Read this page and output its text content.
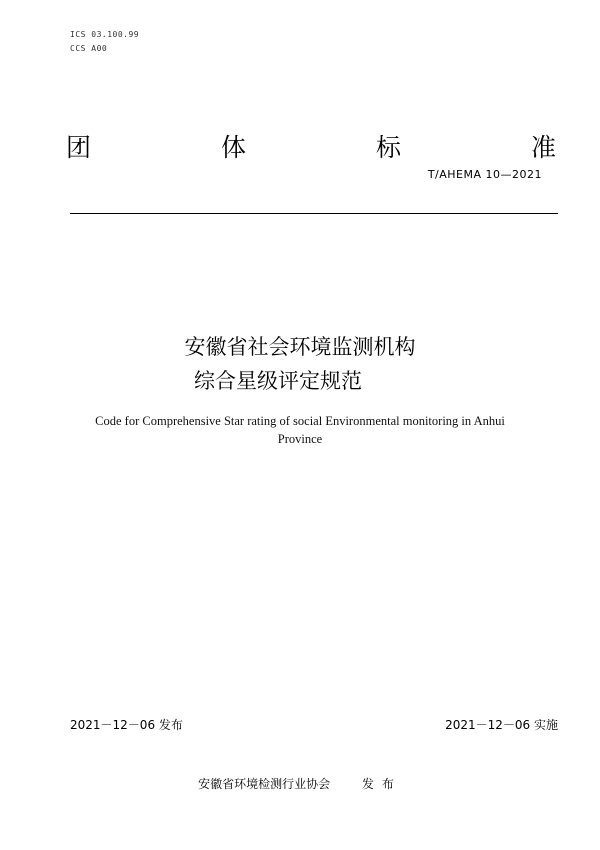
ICS 03.100.99
CCS A00
团	体	标	准
T/AHEMA 10—2021
安徽省社会环境监测机构
综合星级评定规范
Code for Comprehensive Star rating of social Environmental monitoring in Anhui
Province
2021－12－06 发布	2021－12－06 实施
安徽省环境检测行业协会	发布
